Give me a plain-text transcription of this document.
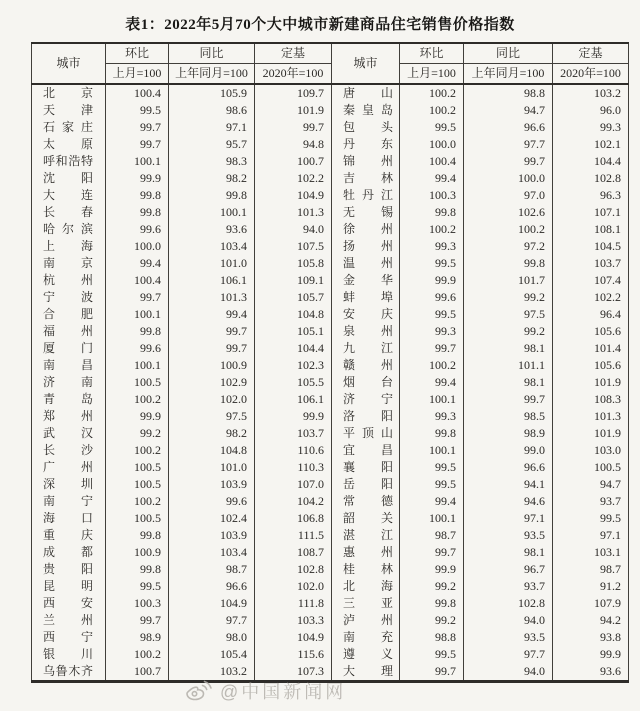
表1：2022年5月70个大中城市新建商品住宅销售价格指数
城市	环比	同比	定基	城市	环比	同比	定基
	上月=100	上年同月=100	2020年=100		上月=100	上年同月=100	2020年=100

北 京	100.4	105.9	109.7	唐 山	100.2	98.8	103.2

天 津	99.5	98.6	101.9	秦 皇 岛	100.2	94.7	96.0

石 家 庄	99.7	97.1	99.7	包 头	99.5	96.6	99.3

太 原	99.7	95.7	94.8	丹 东	100.0	97.7	102.1

呼 和 浩 特	100.1	98.3	100.7	锦 州	100.4	99.7	104.4

沈 阳	99.9	98.2	102.2	吉 林	99.4	100.0	102.8

大 连	99.8	99.8	104.9	牡 丹 江	100.3	97.0	96.3

长 春	99.8	100.1	101.3	无 锡	99.8	102.6	107.1

哈 尔 滨	99.6	93.6	94.0	徐 州	100.2	100.2	108.1

上 海	100.0	103.4	107.5	扬 州	99.3	97.2	104.5

南 京	99.4	101.0	105.8	温 州	99.5	99.8	103.7

杭 州	100.4	106.1	109.1	金 华	99.9	101.7	107.4

宁 波	99.7	101.3	105.7	蚌 埠	99.6	99.2	102.2

合 肥	100.1	99.4	104.8	安 庆	99.5	97.5	96.4

福 州	99.8	99.7	105.1	泉 州	99.3	99.2	105.6

厦 门	99.6	99.7	104.4	九 江	99.7	98.1	101.4

南 昌	100.1	100.9	102.3	赣 州	100.2	101.1	105.6

济 南	100.5	102.9	105.5	烟 台	99.4	98.1	101.9

青 岛	100.2	102.0	106.1	济 宁	100.1	99.7	108.3

郑 州	99.9	97.5	99.9	洛 阳	99.3	98.5	101.3

武 汉	99.2	98.2	103.7	平 顶 山	99.8	98.9	101.9

长 沙	100.2	104.8	110.6	宜 昌	100.1	99.0	103.0

广 州	100.5	101.0	110.3	襄 阳	99.5	96.6	100.5

深 圳	100.5	103.9	107.0	岳 阳	99.5	94.1	94.7

南 宁	100.2	99.6	104.2	常 德	99.4	94.6	93.7

海 口	100.5	102.4	106.8	韶 关	100.1	97.1	99.5

重 庆	99.8	103.9	111.5	湛 江	98.7	93.5	97.1

成 都	100.9	103.4	108.7	惠 州	99.7	98.1	103.1

贵 阳	99.8	98.7	102.8	桂 林	99.9	96.7	98.7

昆 明	99.5	96.6	102.0	北 海	99.2	93.7	91.2

西 安	100.3	104.9	111.8	三 亚	99.8	102.8	107.9

兰 州	99.7	97.7	103.3	泸 州	99.2	94.0	94.2

西 宁	98.9	98.0	104.9	南 充	98.8	93.5	93.8

银 川	100.2	105.4	115.6	遵 义	99.5	97.7	99.9

乌 鲁 木 齐	100.7	103.2	107.3	大 理	99.7	94.0	93.6
@中国新闻网
